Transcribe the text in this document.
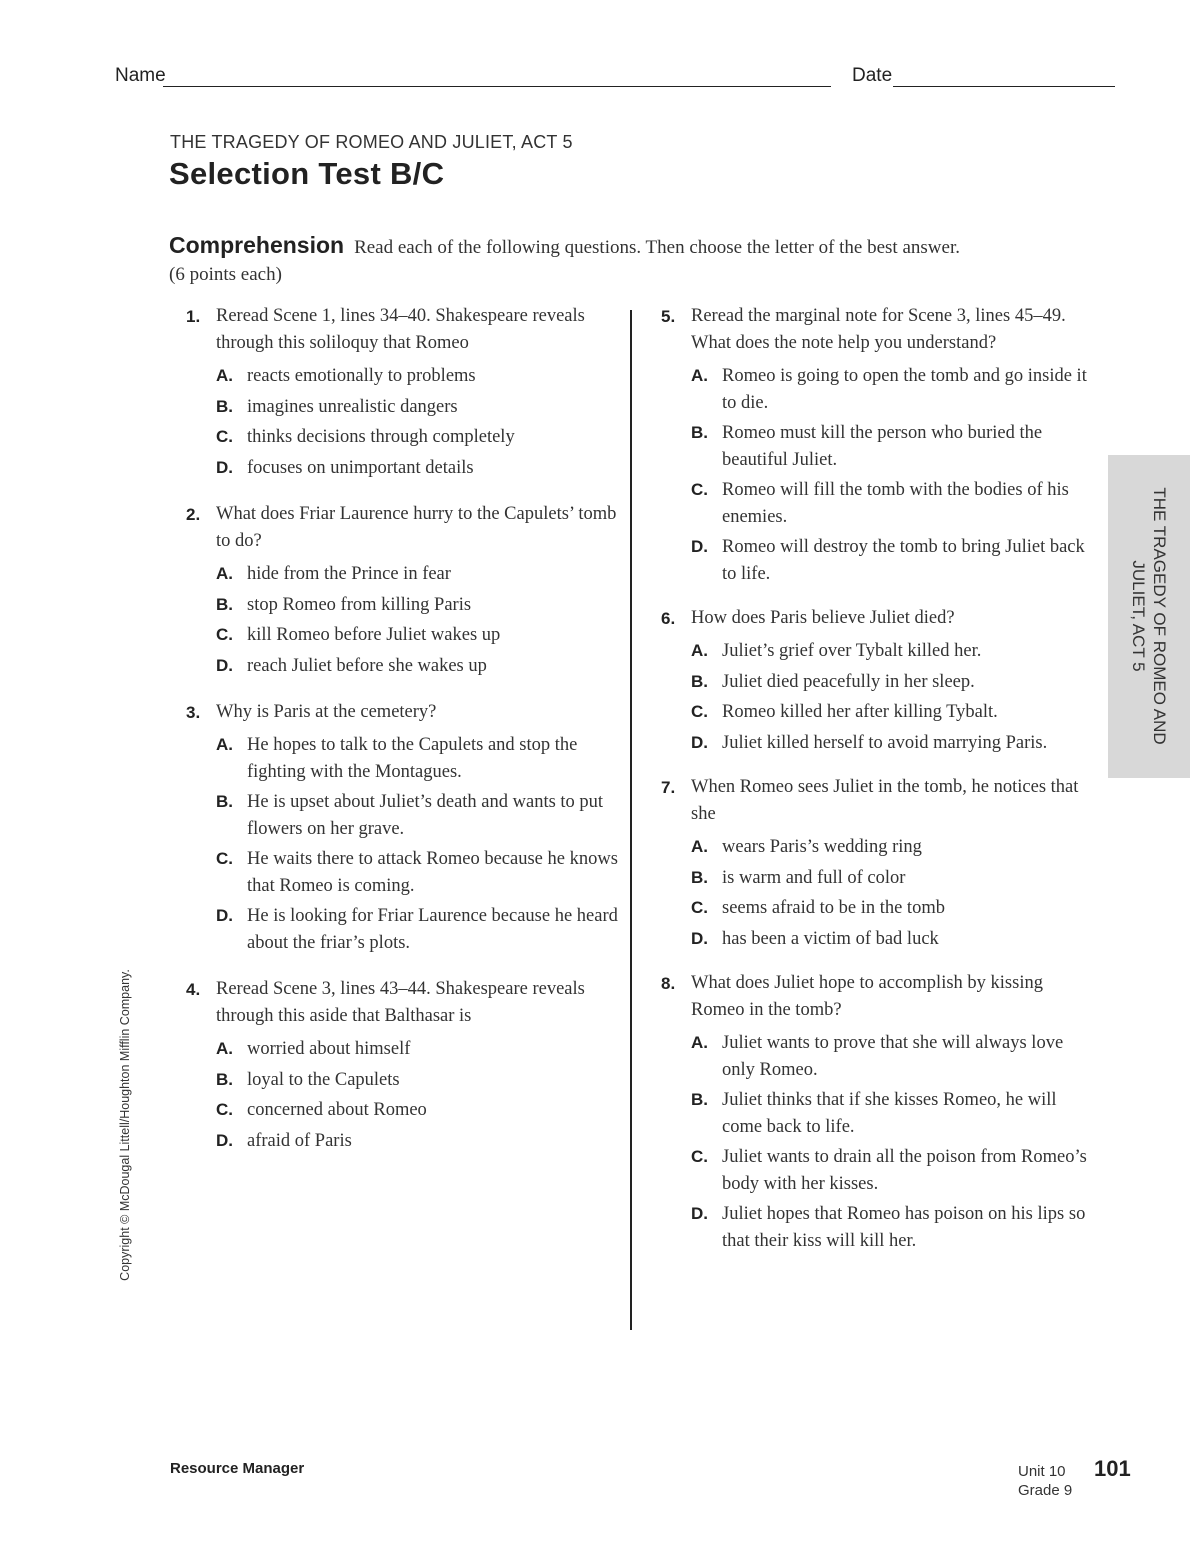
Name	Date
THE TRAGEDY OF ROMEO AND JULIET, ACT 5
Selection Test B/C
Comprehension Read each of the following questions. Then choose the letter of the best answer. (6 points each)
1. Reread Scene 1, lines 34–40. Shakespeare reveals through this soliloquy that Romeo

A. reacts emotionally to problems
B. imagines unrealistic dangers
C. thinks decisions through completely
D. focuses on unimportant details
2. What does Friar Laurence hurry to the Capulets’ tomb to do?

A. hide from the Prince in fear
B. stop Romeo from killing Paris
C. kill Romeo before Juliet wakes up
D. reach Juliet before she wakes up
3. Why is Paris at the cemetery?

A. He hopes to talk to the Capulets and stop the fighting with the Montagues.
B. He is upset about Juliet’s death and wants to put flowers on her grave.
C. He waits there to attack Romeo because he knows that Romeo is coming.
D. He is looking for Friar Laurence because he heard about the friar’s plots.
4. Reread Scene 3, lines 43–44. Shakespeare reveals through this aside that Balthasar is

A. worried about himself
B. loyal to the Capulets
C. concerned about Romeo
D. afraid of Paris
5. Reread the marginal note for Scene 3, lines 45–49. What does the note help you understand?

A. Romeo is going to open the tomb and go inside it to die.
B. Romeo must kill the person who buried the beautiful Juliet.
C. Romeo will fill the tomb with the bodies of his enemies.
D. Romeo will destroy the tomb to bring Juliet back to life.
6. How does Paris believe Juliet died?

A. Juliet’s grief over Tybalt killed her.
B. Juliet died peacefully in her sleep.
C. Romeo killed her after killing Tybalt.
D. Juliet killed herself to avoid marrying Paris.
7. When Romeo sees Juliet in the tomb, he notices that she

A. wears Paris’s wedding ring
B. is warm and full of color
C. seems afraid to be in the tomb
D. has been a victim of bad luck
8. What does Juliet hope to accomplish by kissing Romeo in the tomb?

A. Juliet wants to prove that she will always love only Romeo.
B. Juliet thinks that if she kisses Romeo, he will come back to life.
C. Juliet wants to drain all the poison from Romeo’s body with her kisses.
D. Juliet hopes that Romeo has poison on his lips so that their kiss will kill her.
THE TRAGEDY OF ROMEO AND JULIET, ACT 5
Copyright © McDougal Littell/Houghton Mifflin Company.
Resource Manager	Unit 10
Grade 9
101
